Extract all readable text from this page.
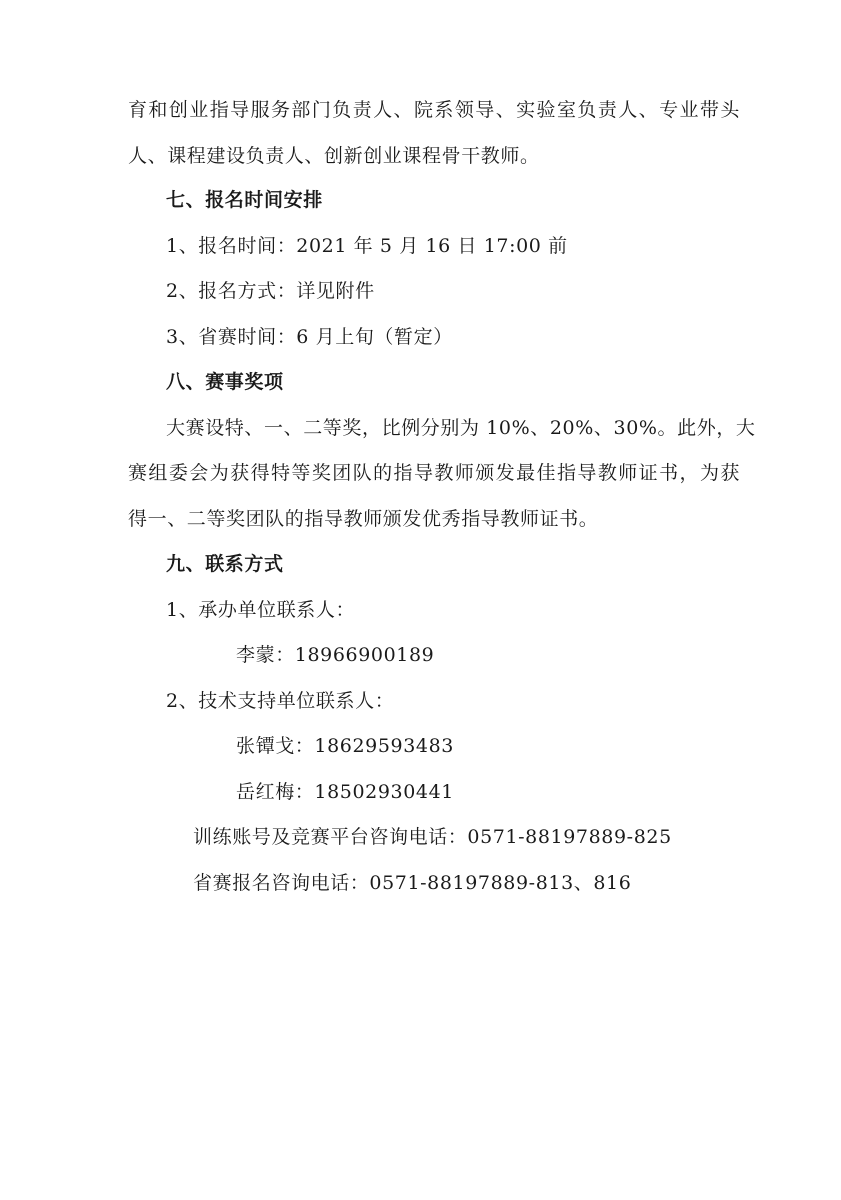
育和创业指导服务部门负责人、院系领导、实验室负责人、专业带头
人、课程建设负责人、创新创业课程骨干教师。
七、报名时间安排
1、报名时间：2021 年 5 月 16 日 17:00 前
2、报名方式：详见附件
3、省赛时间：6 月上旬（暂定）
八、赛事奖项
大赛设特、一、二等奖，比例分别为 10%、20%、30%。此外，大
赛组委会为获得特等奖团队的指导教师颁发最佳指导教师证书，为获
得一、二等奖团队的指导教师颁发优秀指导教师证书。
九、联系方式
1、承办单位联系人：
李蒙：18966900189
2、技术支持单位联系人：
张镡戈：18629593483
岳红梅：18502930441
训练账号及竞赛平台咨询电话：0571-88197889-825
省赛报名咨询电话：0571-88197889-813、816
